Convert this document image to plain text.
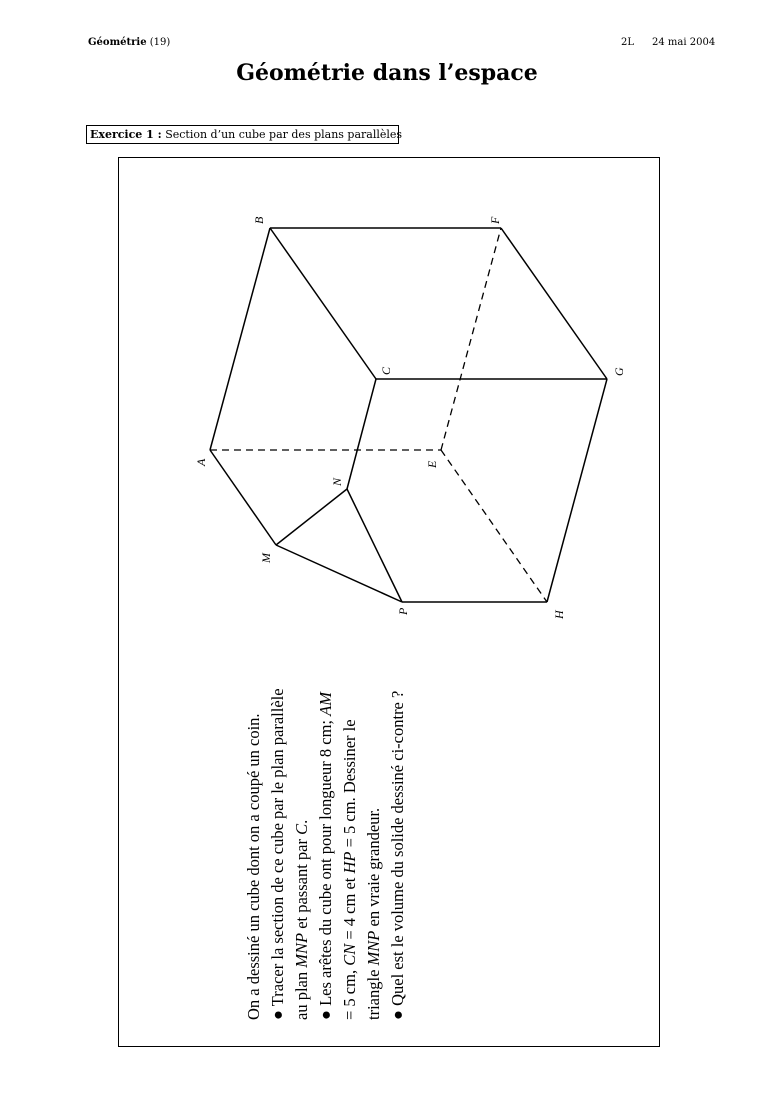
Géométrie (19)	2L 24 mai 2004
Géométrie dans l’espace
Exercice 1 : Section d’un cube par des plans parallèles
B	F
C	G
A	E
N
M
P	H

On a dessiné un cube dont on a coupé un coin. ● Tracer la section de ce cube par le plan parallèle au plan MNP et passant par C.

● Les arêtes du cube ont pour longueur 8 cm; AM = 5 cm, CN = 4 cm et HP = 5 cm. Dessiner le triangle MNP en vraie grandeur.

● Quel est le volume du solide dessiné ci-contre ?
